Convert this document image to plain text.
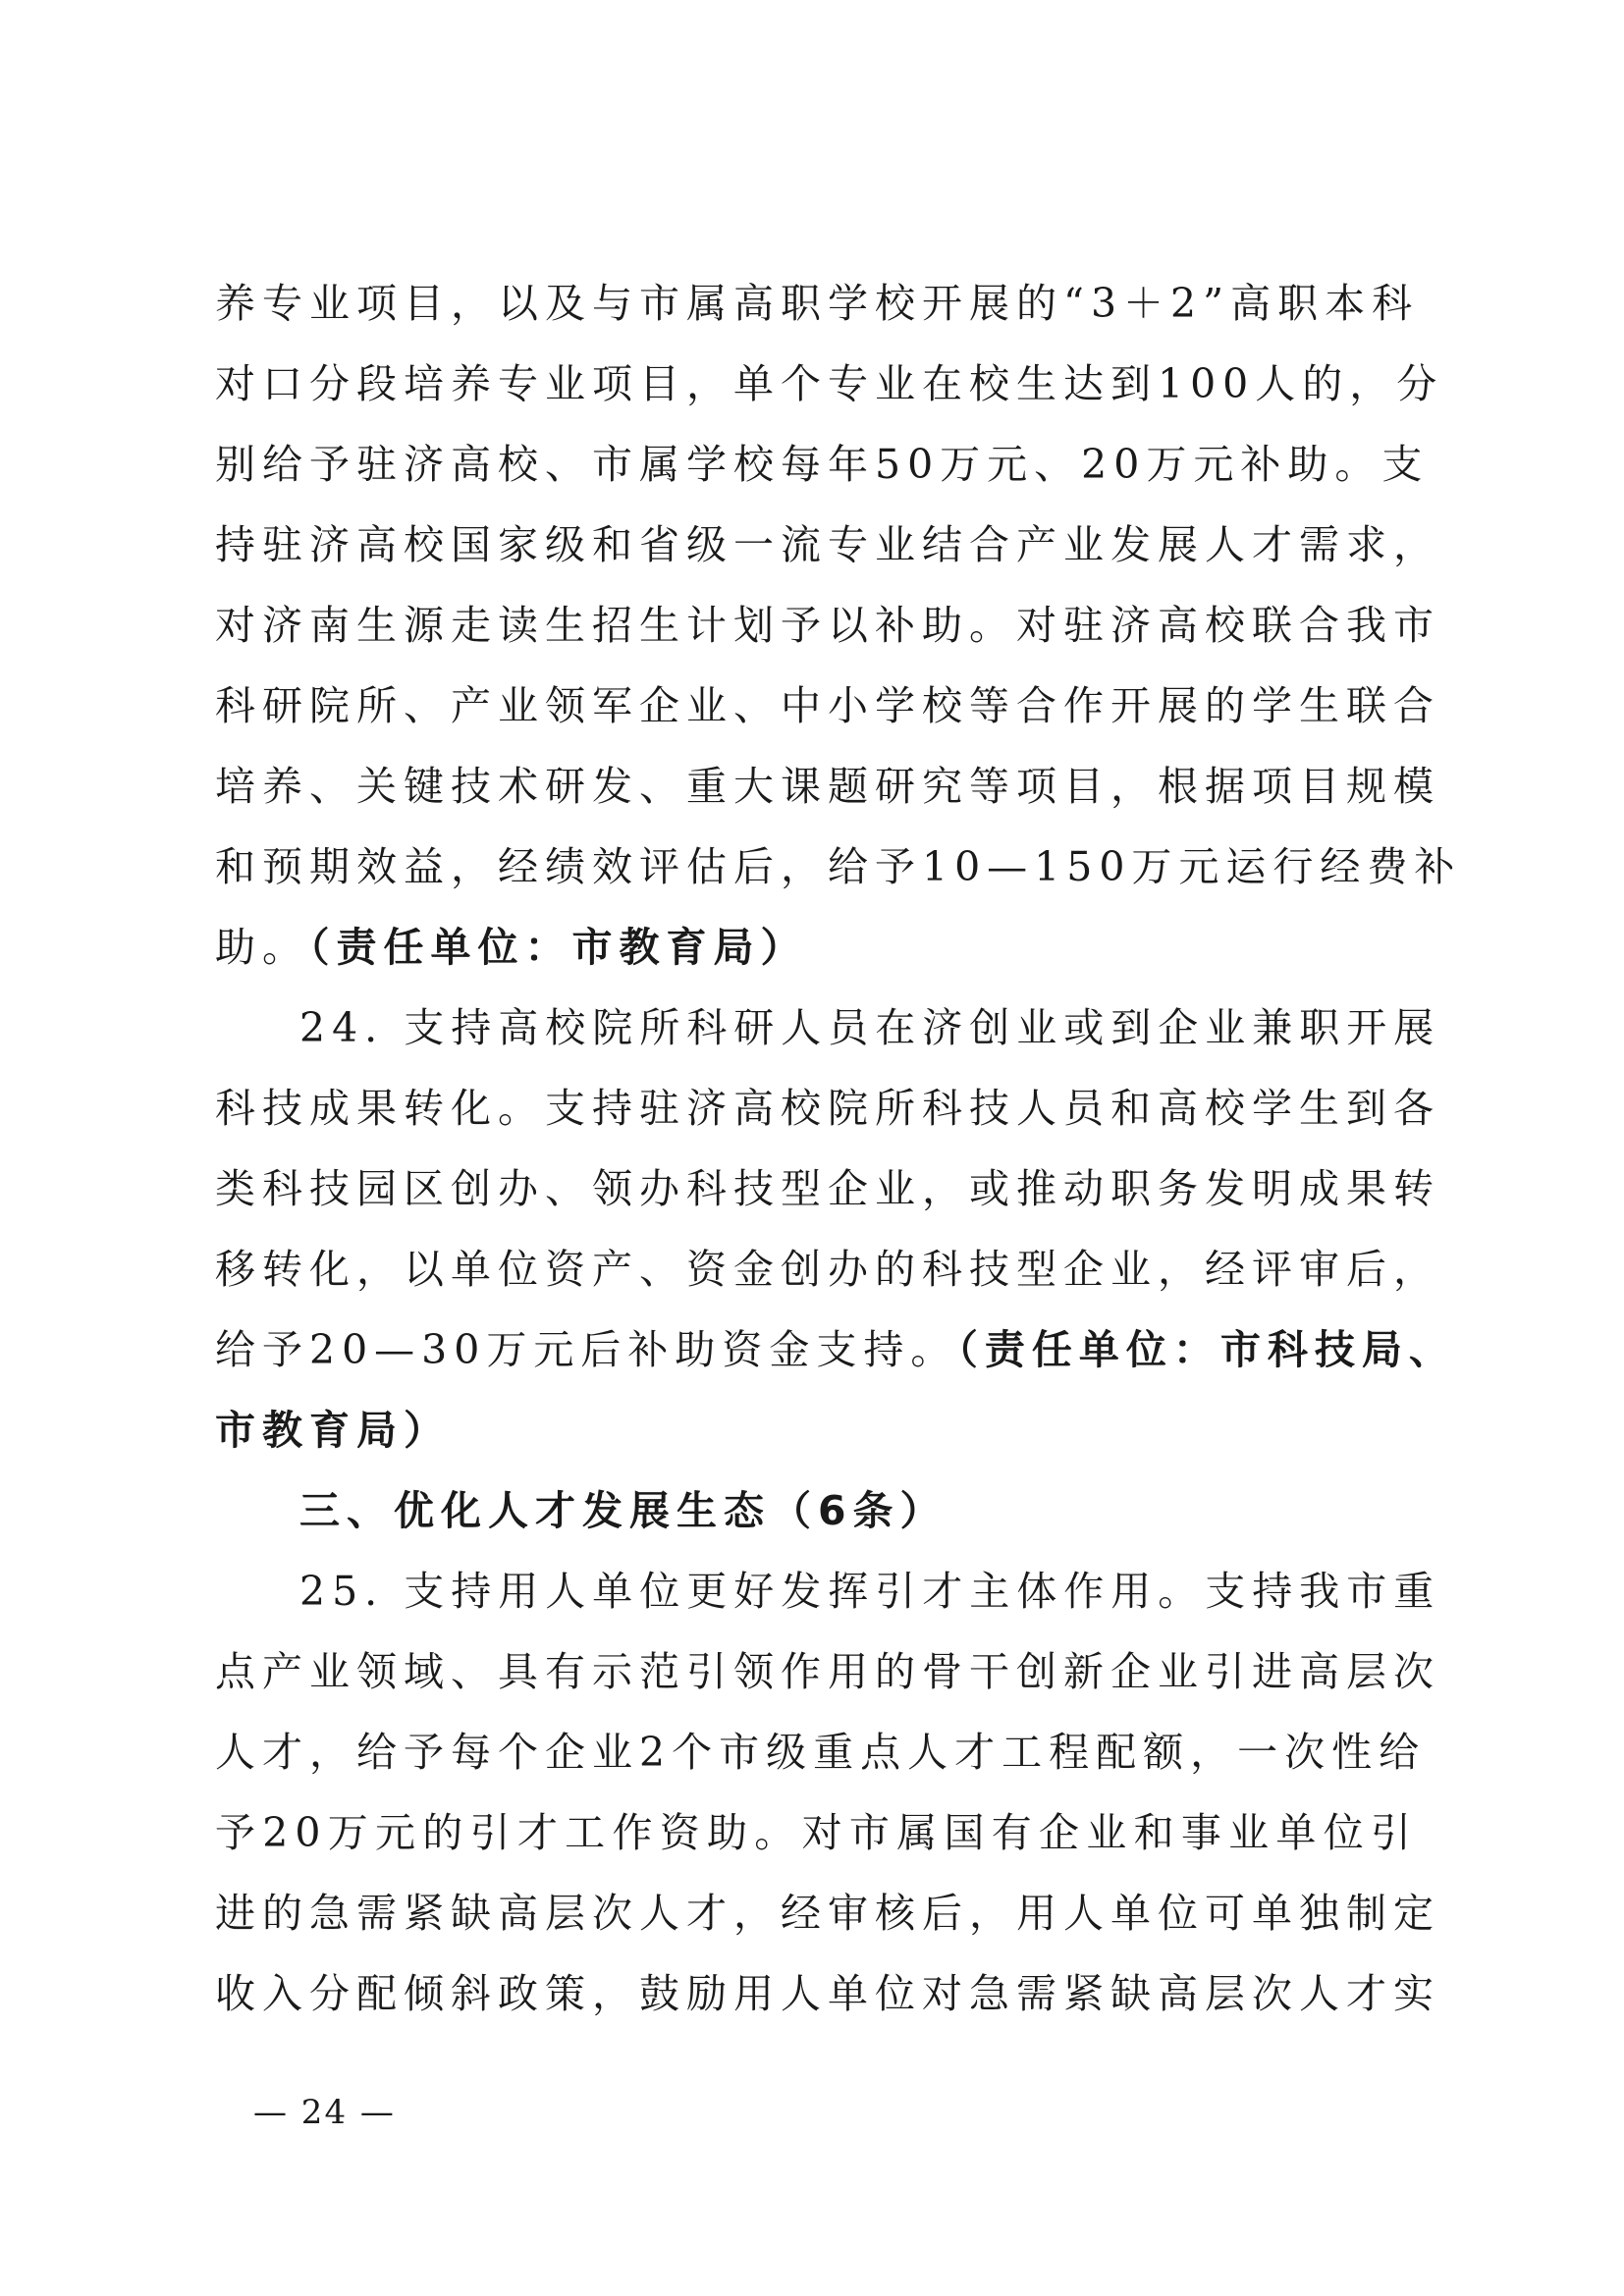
养专业项目，以及与市属高职学校开展的“3＋2”高职本科
对口分段培养专业项目，单个专业在校生达到100人的，分
别给予驻济高校、市属学校每年50万元、20万元补助。支
持驻济高校国家级和省级一流专业结合产业发展人才需求，
对济南生源走读生招生计划予以补助。对驻济高校联合我市
科研院所、产业领军企业、中小学校等合作开展的学生联合
培养、关键技术研发、重大课题研究等项目，根据项目规模
和预期效益，经绩效评估后，给予10—150万元运行经费补
助。（责任单位：市教育局）
24. 支持高校院所科研人员在济创业或到企业兼职开展
科技成果转化。支持驻济高校院所科技人员和高校学生到各
类科技园区创办、领办科技型企业，或推动职务发明成果转
移转化，以单位资产、资金创办的科技型企业，经评审后，
给予20—30万元后补助资金支持。（责任单位：市科技局、
市教育局）
三、优化人才发展生态（6条）
25. 支持用人单位更好发挥引才主体作用。支持我市重
点产业领域、具有示范引领作用的骨干创新企业引进高层次
人才，给予每个企业2个市级重点人才工程配额，一次性给
予20万元的引才工作资助。对市属国有企业和事业单位引
进的急需紧缺高层次人才，经审核后，用人单位可单独制定
收入分配倾斜政策，鼓励用人单位对急需紧缺高层次人才实
— 24 —
